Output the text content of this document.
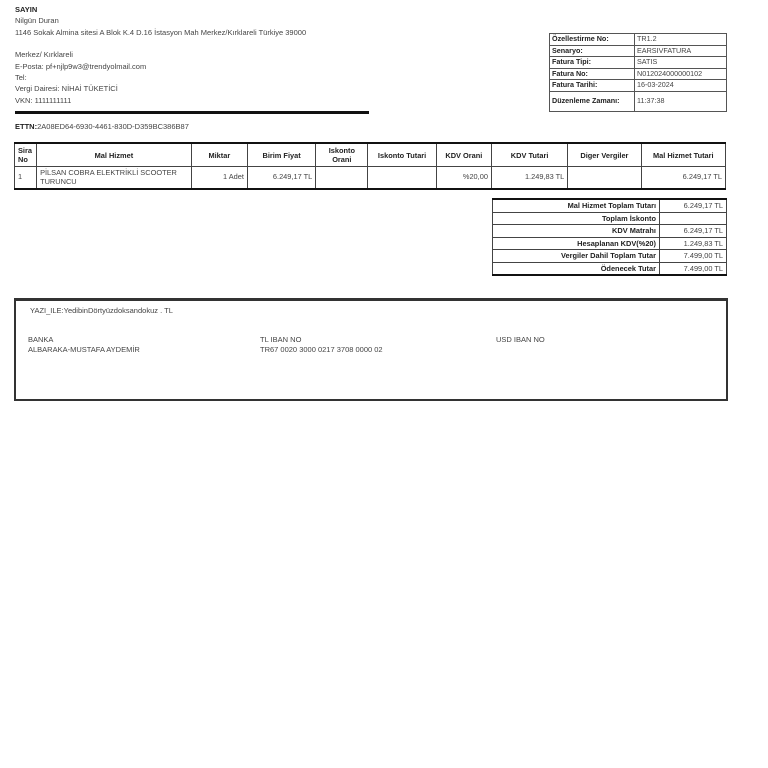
SAYIN
Nilgün Duran
1146 Sokak Almina sitesi A Blok K.4 D.16 İstasyon Mah Merkez/Kırklareli Türkiye 39000
Merkez/ Kırklareli
E-Posta: pf+njlp9w3@trendyolmail.com
Tel:
Vergi Dairesi: NİHAİ TÜKETİCİ
VKN: 1111111111
ETTN:2A08ED64-6930-4461-830D-D359BC386B87
Özellestirme No:	TR1.2
Senaryo:	EARSIVFATURA
Fatura Tipi:	SATIS
Fatura No:	N012024000000102
Fatura Tarihi:	16-03-2024
Düzenleme Zamanı:	11:37:38
Sira No	Mal Hizmet	Miktar	Birim Fiyat	Iskonto Orani	Iskonto Tutari	KDV Orani	KDV Tutari	Diger Vergiler	Mal Hizmet Tutari
1	PİLSAN COBRA ELEKTRİKLİ SCOOTER TURUNCU	1 Adet	6.249,17 TL			%20,00	1.249,83 TL		6.249,17 TL
Mal Hizmet Toplam Tutarı	6.249,17 TL
Toplam İskonto	
KDV Matrahı	6.249,17 TL
Hesaplanan KDV(%20)	1.249,83 TL
Vergiler Dahil Toplam Tutar	7.499,00 TL
Ödenecek Tutar	7.499,00 TL
YAZI_ILE:YedibinDörtyüzdoksandokuz . TL
BANKA
ALBARAKA-MUSTAFA AYDEMİR
TL IBAN NO
TR67 0020 3000 0217 3708 0000 02
USD IBAN NO
